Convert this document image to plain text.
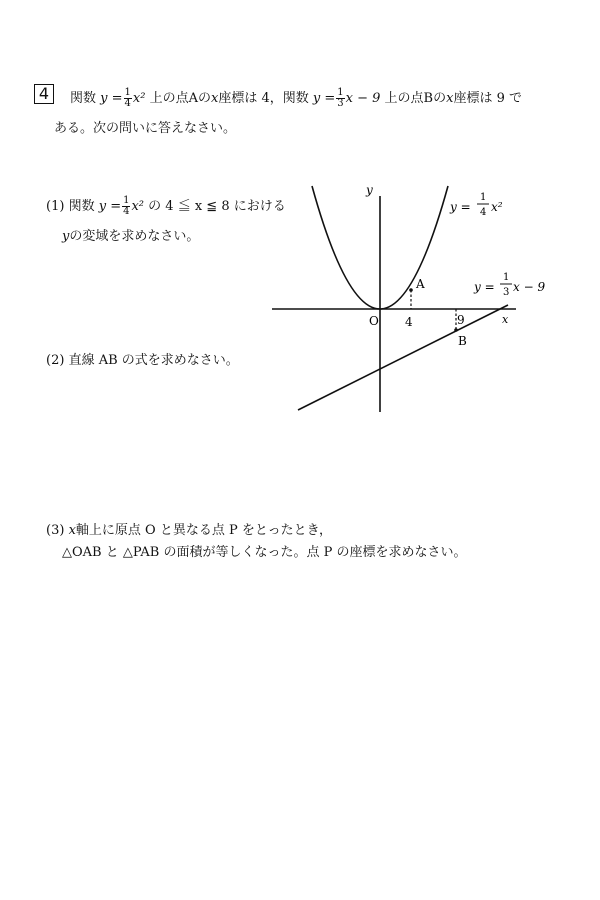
4	関数 $y = \frac{1}{4} x^2$ 上の点Aのx座標は 4，関数 $y = \frac{1}{3}$ x − 9 上の点Bのx座標は 9 で
ある。次の問いに答えなさい。
(1) 関数 $y = \frac{1}{4} x^2$ の 4 ≦ x ≦ 8 における
yの変域を求めなさい。
(2) 直線 AB の式を求めなさい。
(3) x軸上に原点 O と異なる点 P をとったとき，
△OAB と △PAB の面積が等しくなった。点 P の座標を求めなさい。
y
x
O 4	9
A
B
y =
1
4 x²
y =
1
3 x − 9
